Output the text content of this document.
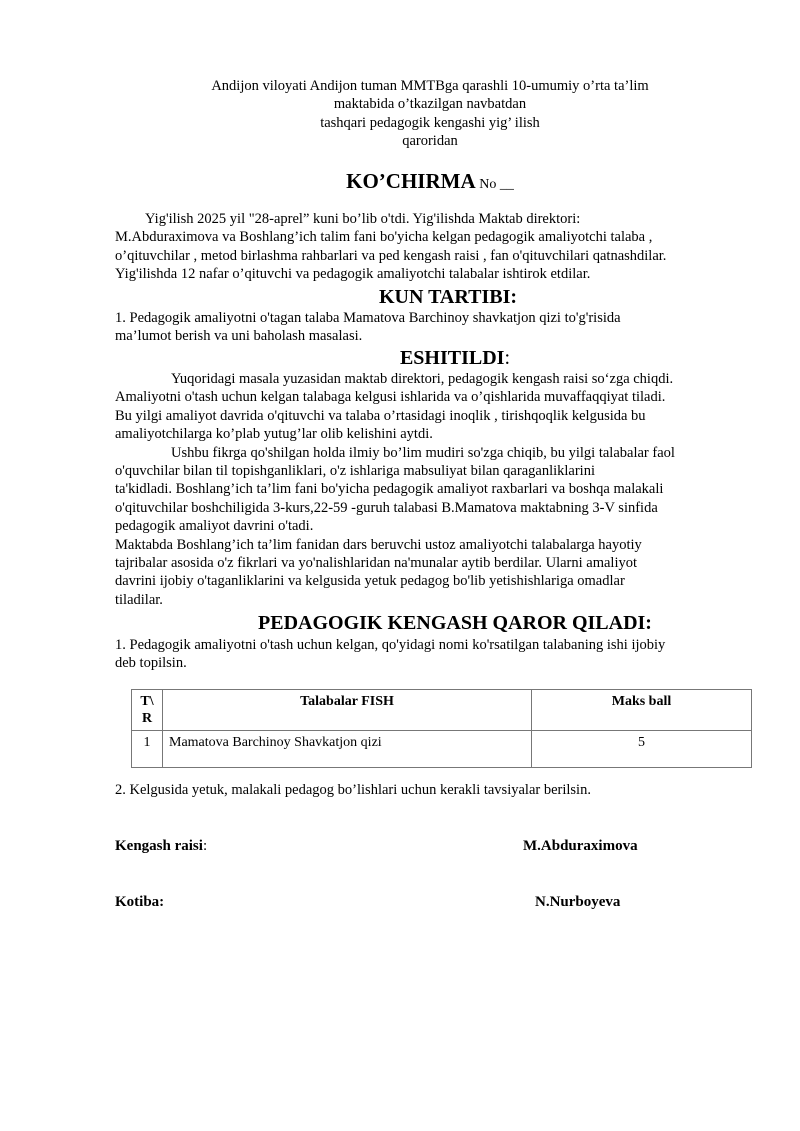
Andijon viloyati Andijon tuman MMTBga qarashli 10-umumiy o’rta ta’lim
maktabida o’tkazilgan navbatdan
tashqari pedagogik kengashi yig’ ilish
qaroridan
KO’CHIRMA No __
Yig'ilish 2025 yil "28-aprel” kuni bo’lib o'tdi. Yig'ilishda Maktab direktori:
M.Abduraximova va Boshlang’ich talim fani bo'yicha kelgan pedagogik amaliyotchi talaba ,
o’qituvchilar , metod birlashma rahbarlari va ped kengash raisi , fan o'qituvchilari qatnashdilar.
Yig'ilishda 12 nafar o’qituvchi va pedagogik amaliyotchi talabalar ishtirok etdilar.
KUN TARTIBI:
1. Pedagogik amaliyotni o'tagan talaba Mamatova Barchinoy shavkatjon qizi to'g'risida
ma’lumot berish va uni baholash masalasi.
ESHITILDI:
Yuqoridagi masala yuzasidan maktab direktori, pedagogik kengash raisi so‘zga chiqdi.
Amaliyotni o'tash uchun kelgan talabaga kelgusi ishlarida va o’qishlarida muvaffaqqiyat tiladi.
Bu yilgi amaliyot davrida o'qituvchi va talaba o’rtasidagi inoqlik , tirishqoqlik kelgusida bu
amaliyotchilarga ko’plab yutug’lar olib kelishini aytdi.
Ushbu fikrga qo'shilgan holda ilmiy bo’lim mudiri so'zga chiqib, bu yilgi talabalar faol
o'quvchilar bilan til topishganliklari, o'z ishlariga mabsuliyat bilan qaraganliklarini
ta'kidladi. Boshlang’ich ta’lim fani bo'yicha pedagogik amaliyot raxbarlari va boshqa malakali
o'qituvchilar boshchiligida 3-kurs,22-59 -guruh talabasi B.Mamatova maktabning 3-V sinfida
pedagogik amaliyot davrini o'tadi.
Maktabda Boshlang’ich ta’lim fanidan dars beruvchi ustoz amaliyotchi talabalarga hayotiy
tajribalar asosida o'z fikrlari va yo'nalishlaridan na'munalar aytib berdilar. Ularni amaliyot
davrini ijobiy o'taganliklarini va kelgusida yetuk pedagog bo'lib yetishishlariga omadlar
tiladilar.
PEDAGOGIK KENGASH QAROR QILADI:
1. Pedagogik amaliyotni o'tash uchun kelgan, qo'yidagi nomi ko'rsatilgan talabaning ishi ijobiy
deb topilsin.
T\
R	Talabalar FISH	Maks ball
1	Mamatova Barchinoy Shavkatjon qizi	5
2. Kelgusida yetuk, malakali pedagog bo’lishlari uchun kerakli tavsiyalar berilsin.
Kengash raisi:	M.Abduraximova
Kotiba:	N.Nurboyeva
